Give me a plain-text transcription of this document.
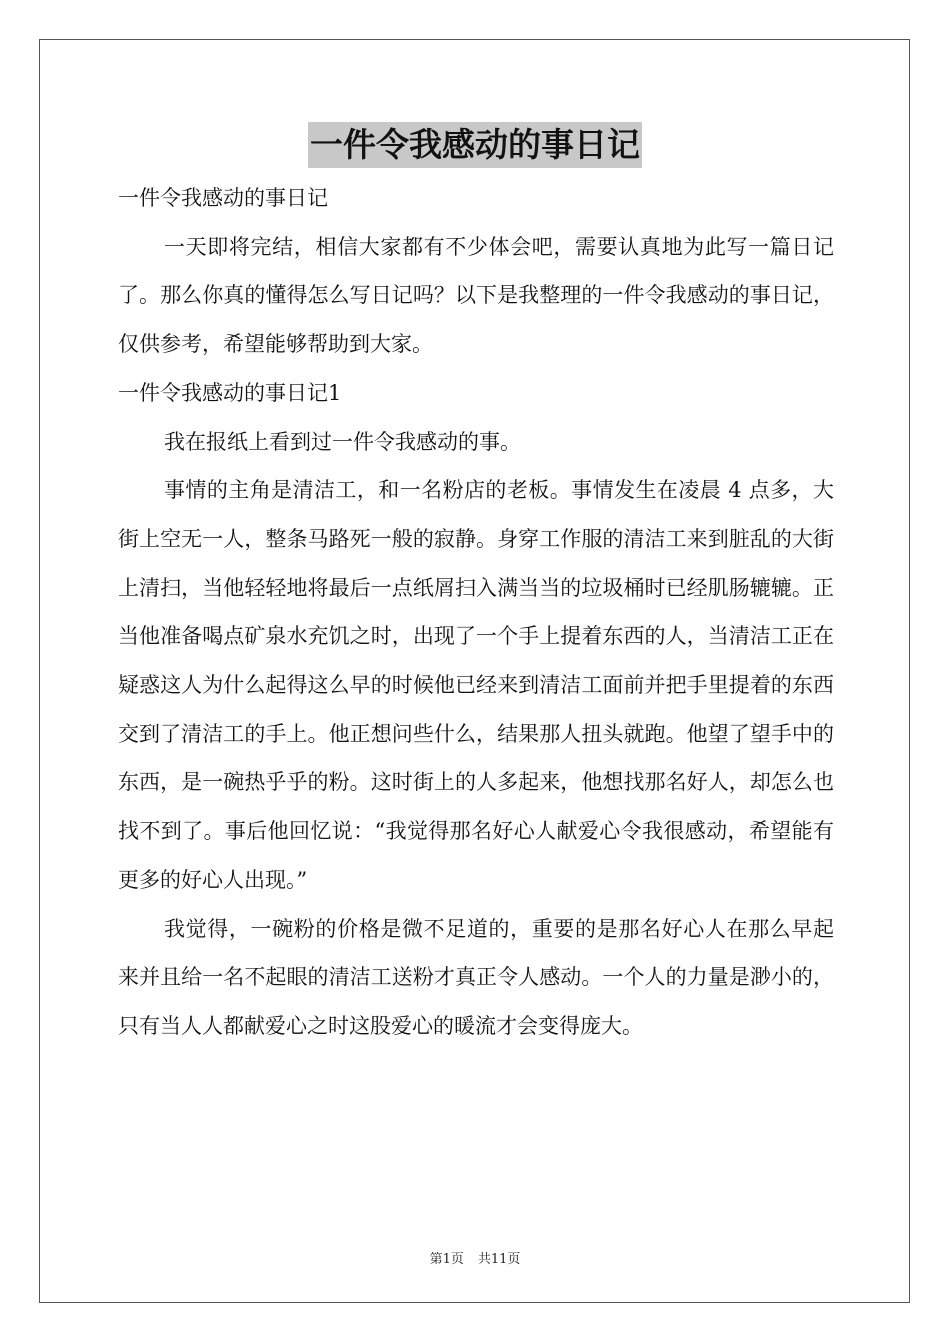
一件令我感动的事日记

一件令我感动的事日记

一天即将完结，相信大家都有不少体会吧，需要认真地为此写一篇日记了。那么你真的懂得怎么写日记吗？以下是我整理的一件令我感动的事日记，仅供参考，希望能够帮助到大家。

一件令我感动的事日记1

我在报纸上看到过一件令我感动的事。

事情的主角是清洁工，和一名粉店的老板。事情发生在凌晨 4 点多，大街上空无一人，整条马路死一般的寂静。身穿工作服的清洁工来到脏乱的大街上清扫，当他轻轻地将最后一点纸屑扫入满当当的垃圾桶时已经肌肠辘辘。正当他准备喝点矿泉水充饥之时，出现了一个手上提着东西的人，当清洁工正在疑惑这人为什么起得这么早的时候他已经来到清洁工面前并把手里提着的东西交到了清洁工的手上。他正想问些什么，结果那人扭头就跑。他望了望手中的东西，是一碗热乎乎的粉。这时街上的人多起来，他想找那名好人，却怎么也找不到了。事后他回忆说：“我觉得那名好心人献爱心令我很感动，希望能有更多的好心人出现。”

我觉得，一碗粉的价格是微不足道的，重要的是那名好心人在那么早起来并且给一名不起眼的清洁工送粉才真正令人感动。一个人的力量是渺小的，只有当人人都献爱心之时这股爱心的暖流才会变得庞大。

第1页 共11页
